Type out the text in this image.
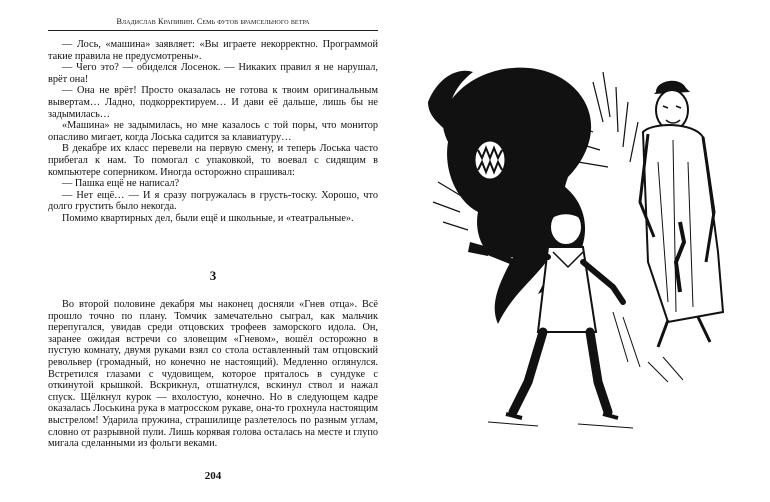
Владислав Крапивин. Семь футов брамсельного ветра

— Лось, «машина» заявляет: «Вы играете некорректно. Программой такие правила не предусмотрены».

— Чего это? — обиделся Лосенок. — Никаких правил я не нарушал, врёт она!

— Она не врёт! Просто оказалась не готова к твоим оригинальным вывертам… Ладно, подкорректируем… И дави её дальше, лишь бы не задымилась…

«Машина» не задымилась, но мне казалось с той поры, что монитор опасливо мигает, когда Лоська садится за клавиатуру…

В декабре их класс перевели на первую смену, и теперь Лоська часто прибегал к нам. То помогал с упаковкой, то воевал с сидящим в компьютере соперником. Иногда осторожно спрашивал:

— Пашка ещё не написал?

— Нет ещё… — И я сразу погружалась в грусть-тоску. Хорошо, что долго грустить было некогда.

Помимо квартирных дел, были ещё и школьные, и «театральные».

3

Во второй половине декабря мы наконец досняли «Гнев отца». Всё прошло точно по плану. Томчик замечательно сыграл, как мальчик перепугался, увидав среди отцовских трофеев заморского идола. Он, заранее ожидая встречи со зловещим «Гневом», вошёл осторожно в пустую комнату, двумя руками взял со стола оставленный там отцовский револьвер (громадный, но конечно не настоящий). Медленно оглянулся. Встретился глазами с чудовищем, которое пряталось в сундуке с откинутой крышкой. Вскрикнул, отшатнулся, вскинул ствол и нажал спуск. Щёлкнул курок — вхолостую, конечно. Но в следующем кадре оказалась Лоськина рука в матросском рукаве, она-то грохнула настоящим выстрелом! Ударила пружина, страшилище разлетелось по разным углам, словно от разрывной пули. Лишь корявая голова осталась на месте и глупо мигала сделанными из фольги веками.

204
